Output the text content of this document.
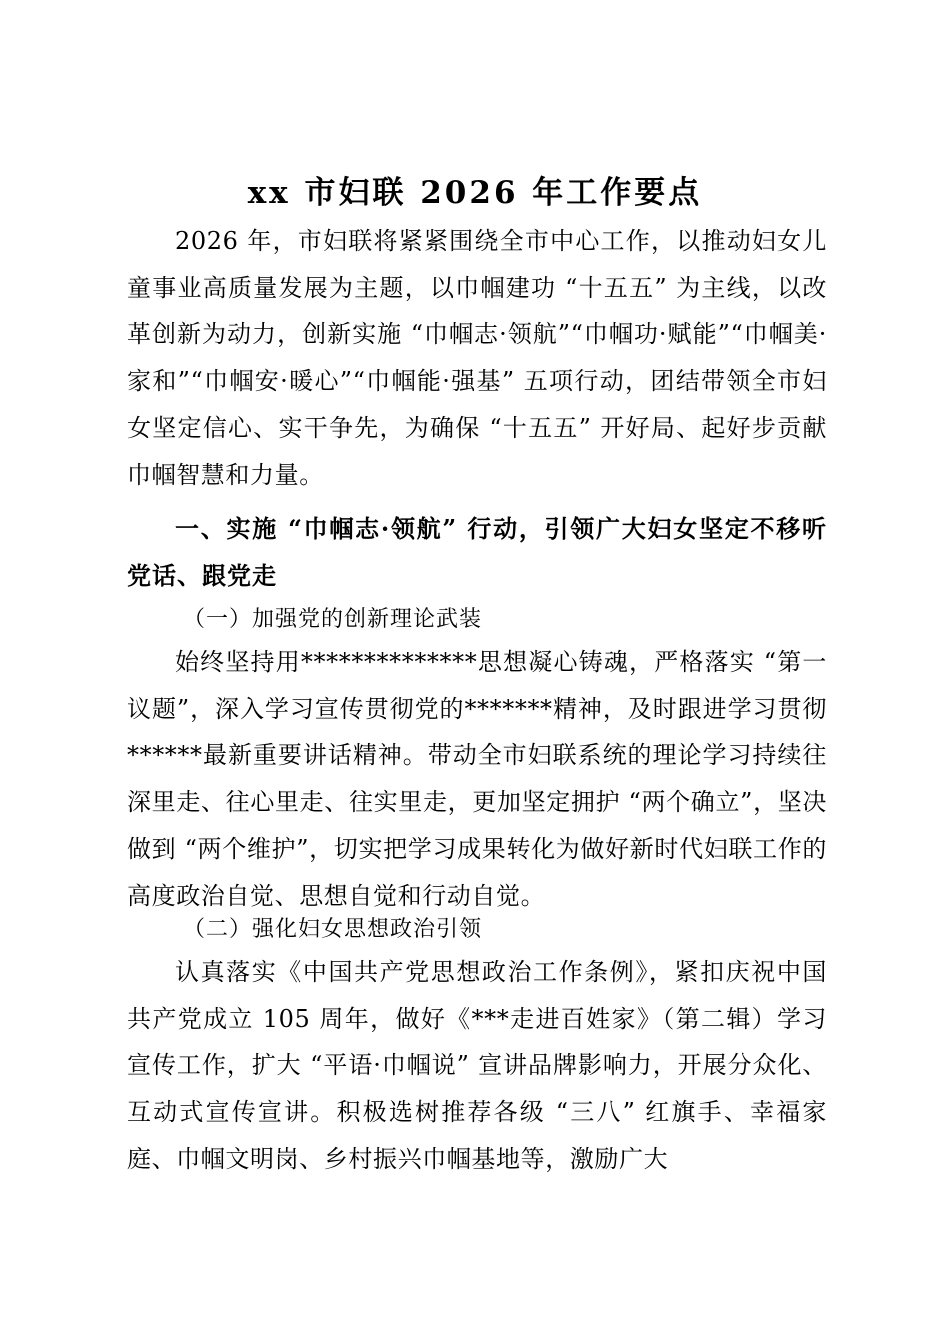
xx 市妇联 2026 年工作要点

2026 年，市妇联将紧紧围绕全市中心工作，以推动妇女儿童事业高质量发展为主题，以巾帼建功 “十五五” 为主线，以改革创新为动力，创新实施 “巾帼志·领航”“巾帼功·赋能”“巾帼美·家和”“巾帼安·暖心”“巾帼能·强基” 五项行动，团结带领全市妇女坚定信心、实干争先，为确保 “十五五” 开好局、起好步贡献巾帼智慧和力量。

一、实施 “巾帼志·领航” 行动，引领广大妇女坚定不移听党话、跟党走

（一）加强党的创新理论武装

始终坚持用**************思想凝心铸魂，严格落实 “第一议题”，深入学习宣传贯彻党的*******精神，及时跟进学习贯彻******最新重要讲话精神。带动全市妇联系统的理论学习持续往深里走、往心里走、往实里走，更加坚定拥护 “两个确立”，坚决做到 “两个维护”，切实把学习成果转化为做好新时代妇联工作的高度政治自觉、思想自觉和行动自觉。

（二）强化妇女思想政治引领

认真落实《中国共产党思想政治工作条例》，紧扣庆祝中国共产党成立 105 周年，做好《***走进百姓家》（第二辑）学习宣传工作，扩大 “平语·巾帼说” 宣讲品牌影响力，开展分众化、互动式宣传宣讲。积极选树推荐各级 “三八” 红旗手、幸福家庭、巾帼文明岗、乡村振兴巾帼基地等，激励广大
